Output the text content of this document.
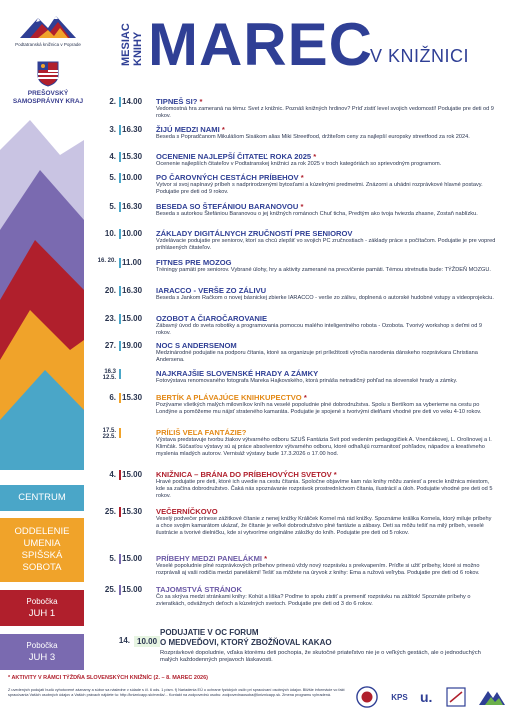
Podtatranská knižnica v Poprade
PREŠOVSKÝ SAMOSPRÁVNY KRAJ
MESIAC KNIHY MAREC
V KNIŽNICI
CENTRUM
ODDELENIE UMENIA SPIŠSKÁ SOBOTA
Pobočka
JUH 1
Pobočka
JUH 3
2. 14.00	TIPNEŠ SI? *
Vedomostná hra zameraná na tému: Svet z knižnic. Poznáš knižných hrdinov? Príď zistiť level svojich vedomostí! Podujatie pre deti od 9 rokov.
3. 16.30	ŽIJÚ MEDZI NAMI *
Beseda s Popradčanom Mikulášom Sisákom alias Miki Streetfood, držiteľom ceny za najlepší europsky streetfood za rok 2024.
4. 15.30	OCENENIE NAJLEPŠÍ ČITATEĽ ROKA 2025 *
Ocenenie najlepších čitateľov v Podtatranskej knižnici za rok 2025 v troch kategóriách so sprievodným programom.
5. 10.00	PO ČAROVNÝCH CESTÁCH PRÍBEHOV *
Vytvor si svoj napínavý príbeh s nadprirodzenými bytosťami a kúzelnými predmetmi. Znázorni a uhádni rozprávkové hlavné postavy. Podujatie pre deti od 9 rokov.
5. 16.30	BESEDA SO ŠTEFÁNIOU BARANOVOU *
Beseda s autorkou Štefániou Baranovou o jej knižných románoch Chuť ticha, Predtým ako tvoja hviezda zhasne, Zostaň nablízku.
10. 10.00	ZÁKLADY DIGITÁLNYCH ZRUČNOSTÍ PRE SENIOROV
Vzdelávacie podujatie pre seniorov, ktorí sa chcú zlepšiť vo svojich PC zručnostiach - základy práce s počítačom. Podujatie je pre vopred prihlásených čitateľov.
16. 20. 11.00	FITNES PRE MOZOG
Tréningy pamäti pre seniorov. Vybrané úlohy, hry a aktivity zamerané na precvičenie pamäti. Témou stretnutia bude: TÝŽDEŇ MOZGU.
20. 16.30	IARACCO - VERŠE ZO ZÁLIVU
Beseda s Jankom Račkom o novej básnickej zbierke IARACCO - verše zo zálivu, doplnená o autorské hudobné vstupy a videoprojekciu.
23. 15.00	OZOBOT A ČIAROČAROVANIE
Zábavný úvod do sveta robotiky a programovania pomocou malého inteligentného robota - Ozobota. Tvorivý workshop s deťmi od 9 rokov.
27. 19.00	NOC S ANDERSENOM
Medzinárodné podujatie na podporu čítania, ktoré sa organizuje pri príležitosti výročia narodenia dánskeho rozprávkara Christiana Andersena.
16.3 12.5.	NAJKRAJŠIE SLOVENSKÉ HRADY A ZÁMKY
Fotovýstava renomovaného fotografa Mareka Hajkovského, ktorá prináša netradičný pohľad na slovenské hrady a zámky.
6. 15.30	BERTÍK A PLÁVAJÚCE KNIHKUPECTVO *
Pozývame všetkých malých milovníkov kníh na veselé popoludnie plné dobrodružstva. Spolu s Bertíkom sa vyberieme na cestu po Londýne a pomôžeme mu nájsť strateného kamaráta. Podujatie je spojené s tvorivými dielňami vhodné pre deti vo veku 4-10 rokov.
17.5. 22.5.	PRÍĽIŠ VEĽA FANTÁZIE?
Výstava predstavuje tvorbu žiakov výtvarného odboru SZUŠ Fantázia Svit pod vedením pedagogičiek A. Vnenčákovej, L. Orolínovej a I. Klimčák. Súčasťou výstavy sú aj práce absolventov výtvarného odboru, ktoré odhaľujú rozmanitosť pohľadov, nápadov a kreatívneho myslenia mladých autorov. Vernisáž výstavy bude 17.3.2026 o 17.00 hod.
4. 15.00	KNIŽNICA – BRÁNA DO PRÍBEHOVÝCH SVETOV *
Hravé podujatie pre deti, ktoré ich uvedie na cestu čítania. Spoločne objavíme kam nás knihy môžu zaniesť a precíe knižnica miestom, kde sa začína dobrodružstvo. Čaká nás spoznávanie rozprávok prostredníctvom čítania, ilustrácií a úloh. Podujatie vhodné pre deti od 5 rokov.
25. 15.30	VEČERNÍČKOVO
Veselý podvečer prinese zážitkové čítanie z nenej knižky Králiček Kornel má rád knižky. Spoznáme králika Kornela, ktorý miluje príbehy a chce svojim kamarátom ukázať, že čítanie je veľké dobrodružstvo plné fantázie a zábavy. Deti sa môžu tešiť na milý príbeh, veselé ilustrácie a tvorivé dielničku, kde si vytvoríme originálne záložky do kníh. Podujatie pre deti od 5 rokov.
5. 15.00	PRÍBEHY MEDZI PANELÁKMI *
Veselé popoludnie plné rozprávkových príbehov prinesú vždy nový rozprávku s prekvapením. Príďte si užiť príbehy, ktoré si možno rozprávali aj vaši rodičia medzi panelákmi! Tešiť sa môžete na úryvok z knihy: Ema a ružová veľryba. Podujatie pre deti od 6 rokov.
25. 15.00	TAJOMSTVÁ STRÁNOK
Čo sa skrýva medzi stránkami knihy: Kohút a liška? Poďme to spolu zistiť a premeniť rozprávku na zážitok! Spoznáte príbehy o zvieratkách, odvážnych deťoch a kúzelných svetoch. Podujatie pre deti od 3 do 6 rokov.
14. 10.00
PODUJATIE V OC FORUM
O MEDVEĎOVI, KTORÝ ZBOŽŇOVAL KAKAO
Rozprávkové dopoludnie, vďaka ktorému deti pochopia, že skutočné priateľstvo nie je o veľkých gestách, ale o jednoduchých malých každodenných prejavoch láskavosti.
* AKTIVITY V RÁMCI TÝŽDŇA SLOVENSKÝCH KNIŽNÍC (2. – 8. MAREC 2026)
Z uvedených podujatí budú vyhotovené záznamy a súbor sa následne v súlade s čl. 6 ods. 1 písm. f) Nariadenia EÚ o ochrane fyzických osôb pri spracúvaní osobných údajov. Bližšie informácie vo fakt spracúvania Vašich osobných údajov a Vašich právach nájdete tu: http://kniznicapp.sk/media/... Kontakt na zodpovednú osobu: zodpovednaosoba@kniznicapp.sk. Zmena programu vyhradená.	KPS u.
